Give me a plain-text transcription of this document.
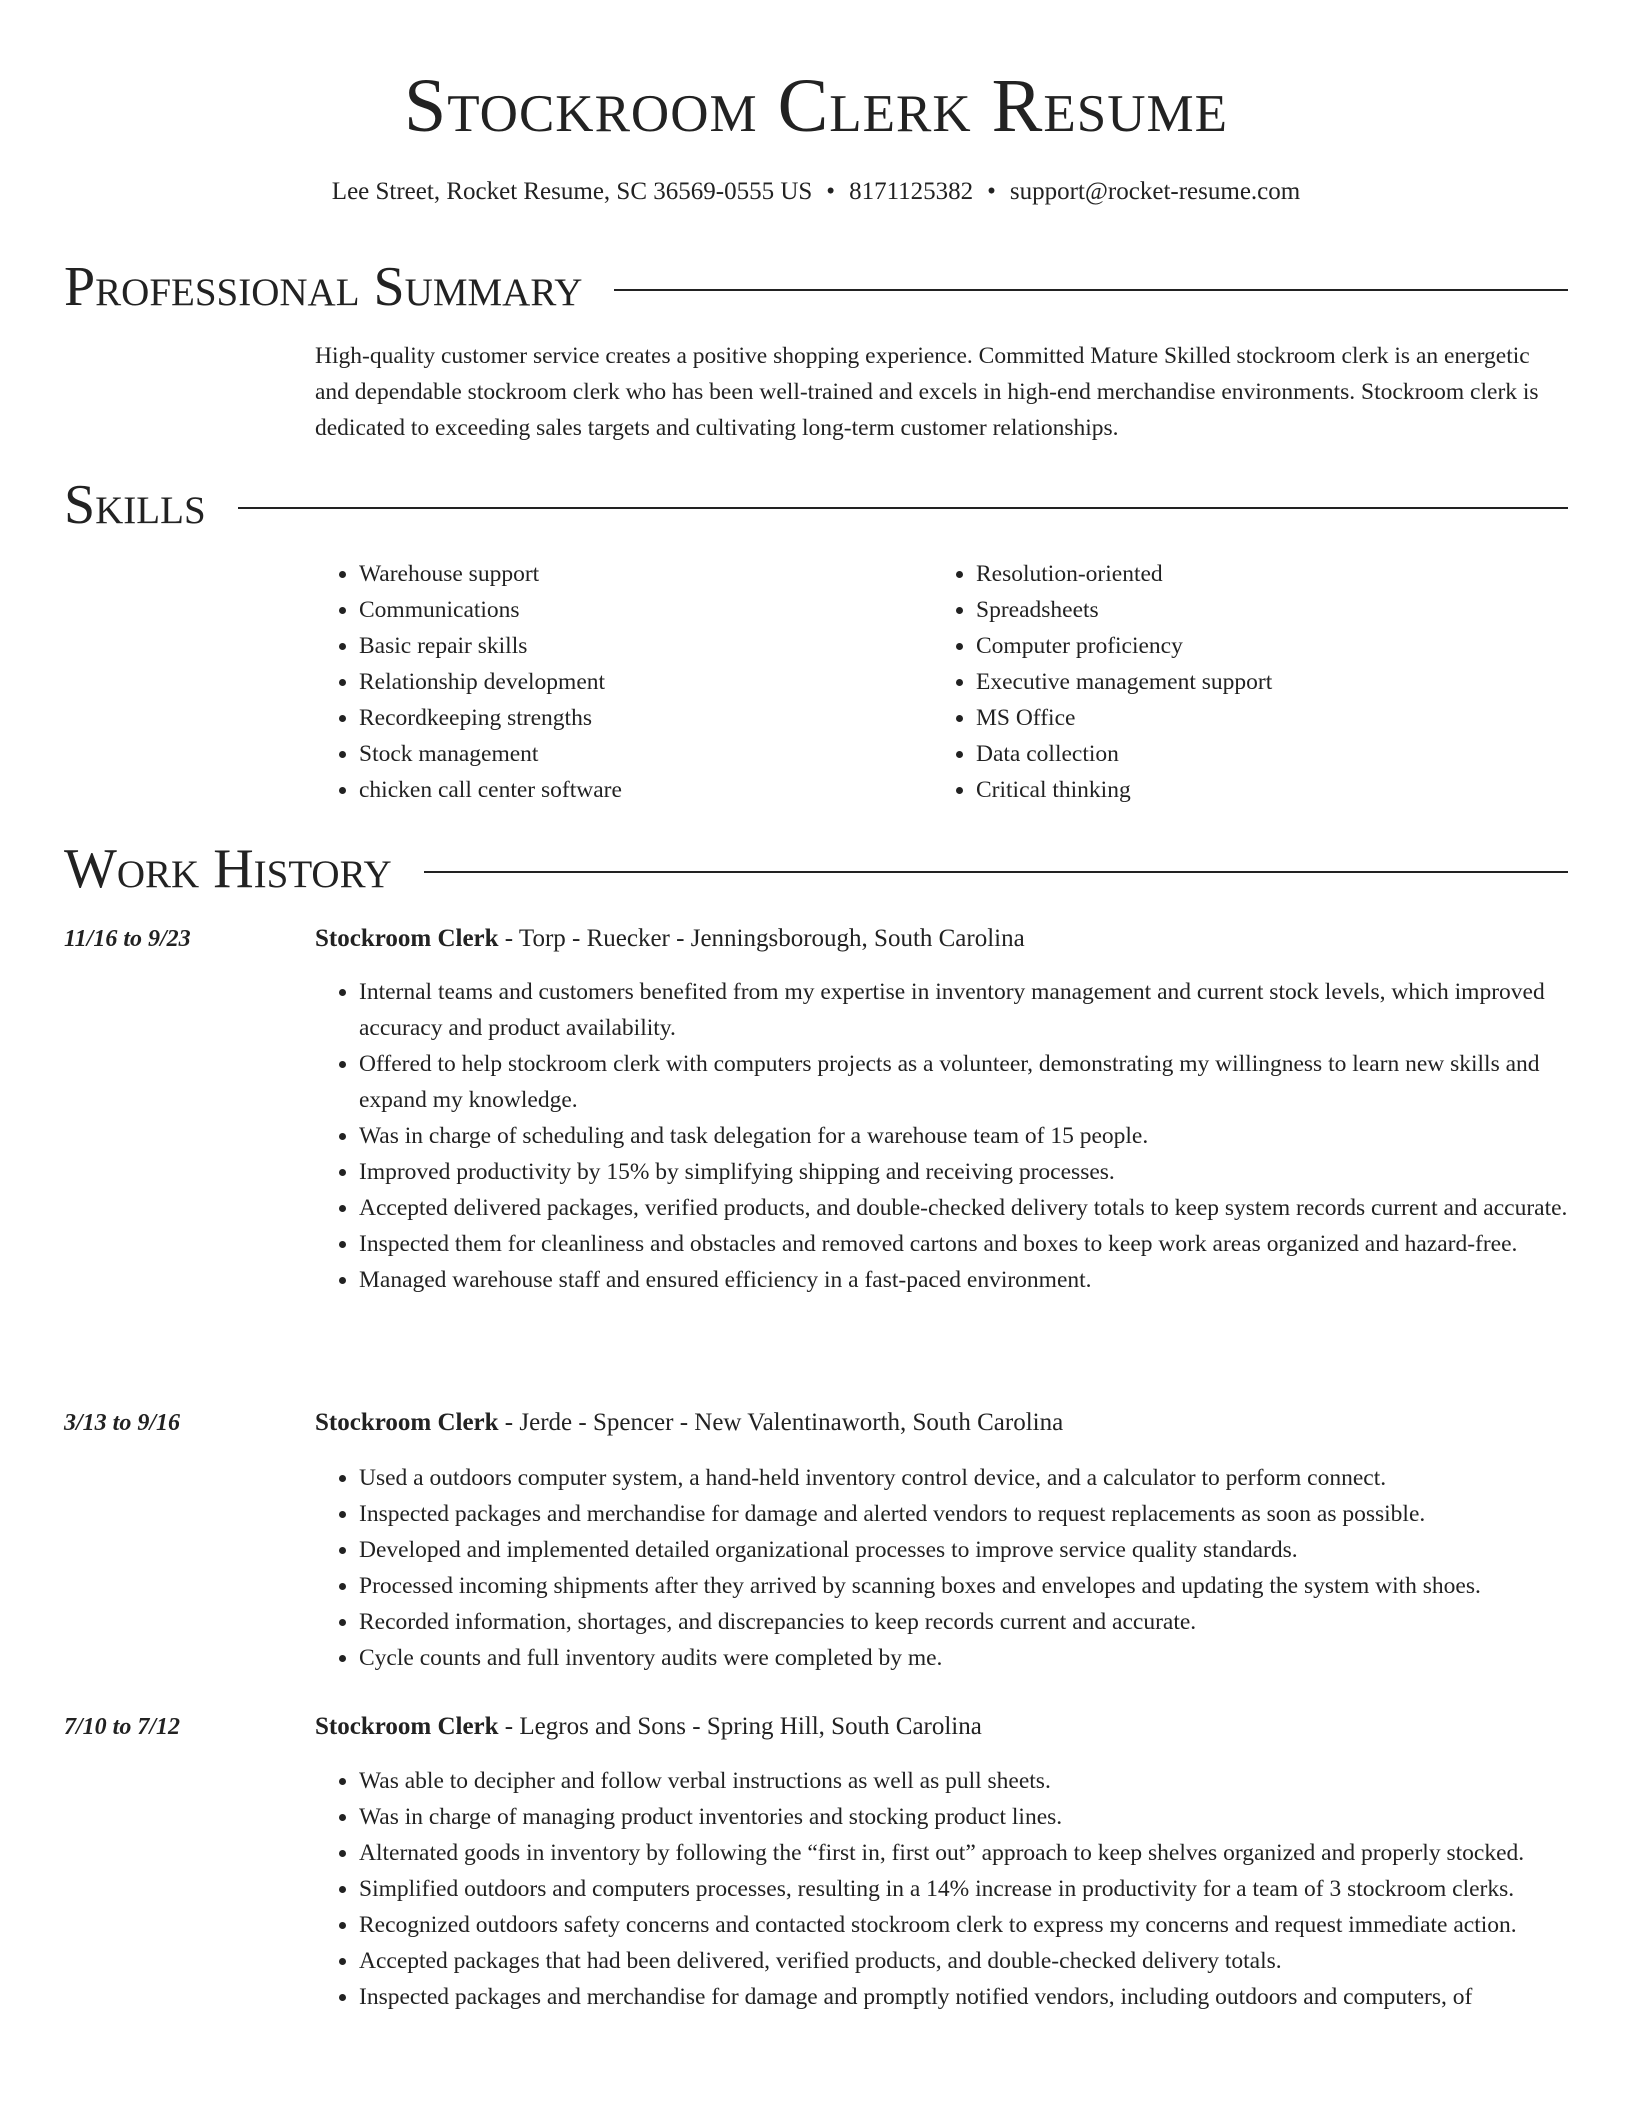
Stockroom Clerk Resume
Lee Street, Rocket Resume, SC 36569-0555 US • 8171125382 • support@rocket-resume.com
Professional Summary
High-quality customer service creates a positive shopping experience. Committed Mature Skilled stockroom clerk is an energetic and dependable stockroom clerk who has been well-trained and excels in high-end merchandise environments. Stockroom clerk is dedicated to exceeding sales targets and cultivating long-term customer relationships.
Skills
• Warehouse support
• Communications
• Basic repair skills
• Relationship development
• Recordkeeping strengths
• Stock management
• chicken call center software
• Resolution-oriented
• Spreadsheets
• Computer proficiency
• Executive management support
• MS Office
• Data collection
• Critical thinking
Work History
11/16 to 9/23	Stockroom Clerk - Torp - Ruecker - Jenningsborough, South Carolina
• Internal teams and customers benefited from my expertise in inventory management and current stock levels, which improved accuracy and product availability.
• Offered to help stockroom clerk with computers projects as a volunteer, demonstrating my willingness to learn new skills and expand my knowledge.
• Was in charge of scheduling and task delegation for a warehouse team of 15 people.
• Improved productivity by 15% by simplifying shipping and receiving processes.
• Accepted delivered packages, verified products, and double-checked delivery totals to keep system records current and accurate.
• Inspected them for cleanliness and obstacles and removed cartons and boxes to keep work areas organized and hazard-free.
• Managed warehouse staff and ensured efficiency in a fast-paced environment.
3/13 to 9/16	Stockroom Clerk - Jerde - Spencer - New Valentinaworth, South Carolina
• Used a outdoors computer system, a hand-held inventory control device, and a calculator to perform connect.
• Inspected packages and merchandise for damage and alerted vendors to request replacements as soon as possible.
• Developed and implemented detailed organizational processes to improve service quality standards.
• Processed incoming shipments after they arrived by scanning boxes and envelopes and updating the system with shoes.
• Recorded information, shortages, and discrepancies to keep records current and accurate.
• Cycle counts and full inventory audits were completed by me.
7/10 to 7/12	Stockroom Clerk - Legros and Sons - Spring Hill, South Carolina
• Was able to decipher and follow verbal instructions as well as pull sheets.
• Was in charge of managing product inventories and stocking product lines.
• Alternated goods in inventory by following the “first in, first out” approach to keep shelves organized and properly stocked.
• Simplified outdoors and computers processes, resulting in a 14% increase in productivity for a team of 3 stockroom clerks.
• Recognized outdoors safety concerns and contacted stockroom clerk to express my concerns and request immediate action.
• Accepted packages that had been delivered, verified products, and double-checked delivery totals.
• Inspected packages and merchandise for damage and promptly notified vendors, including outdoors and computers, of
